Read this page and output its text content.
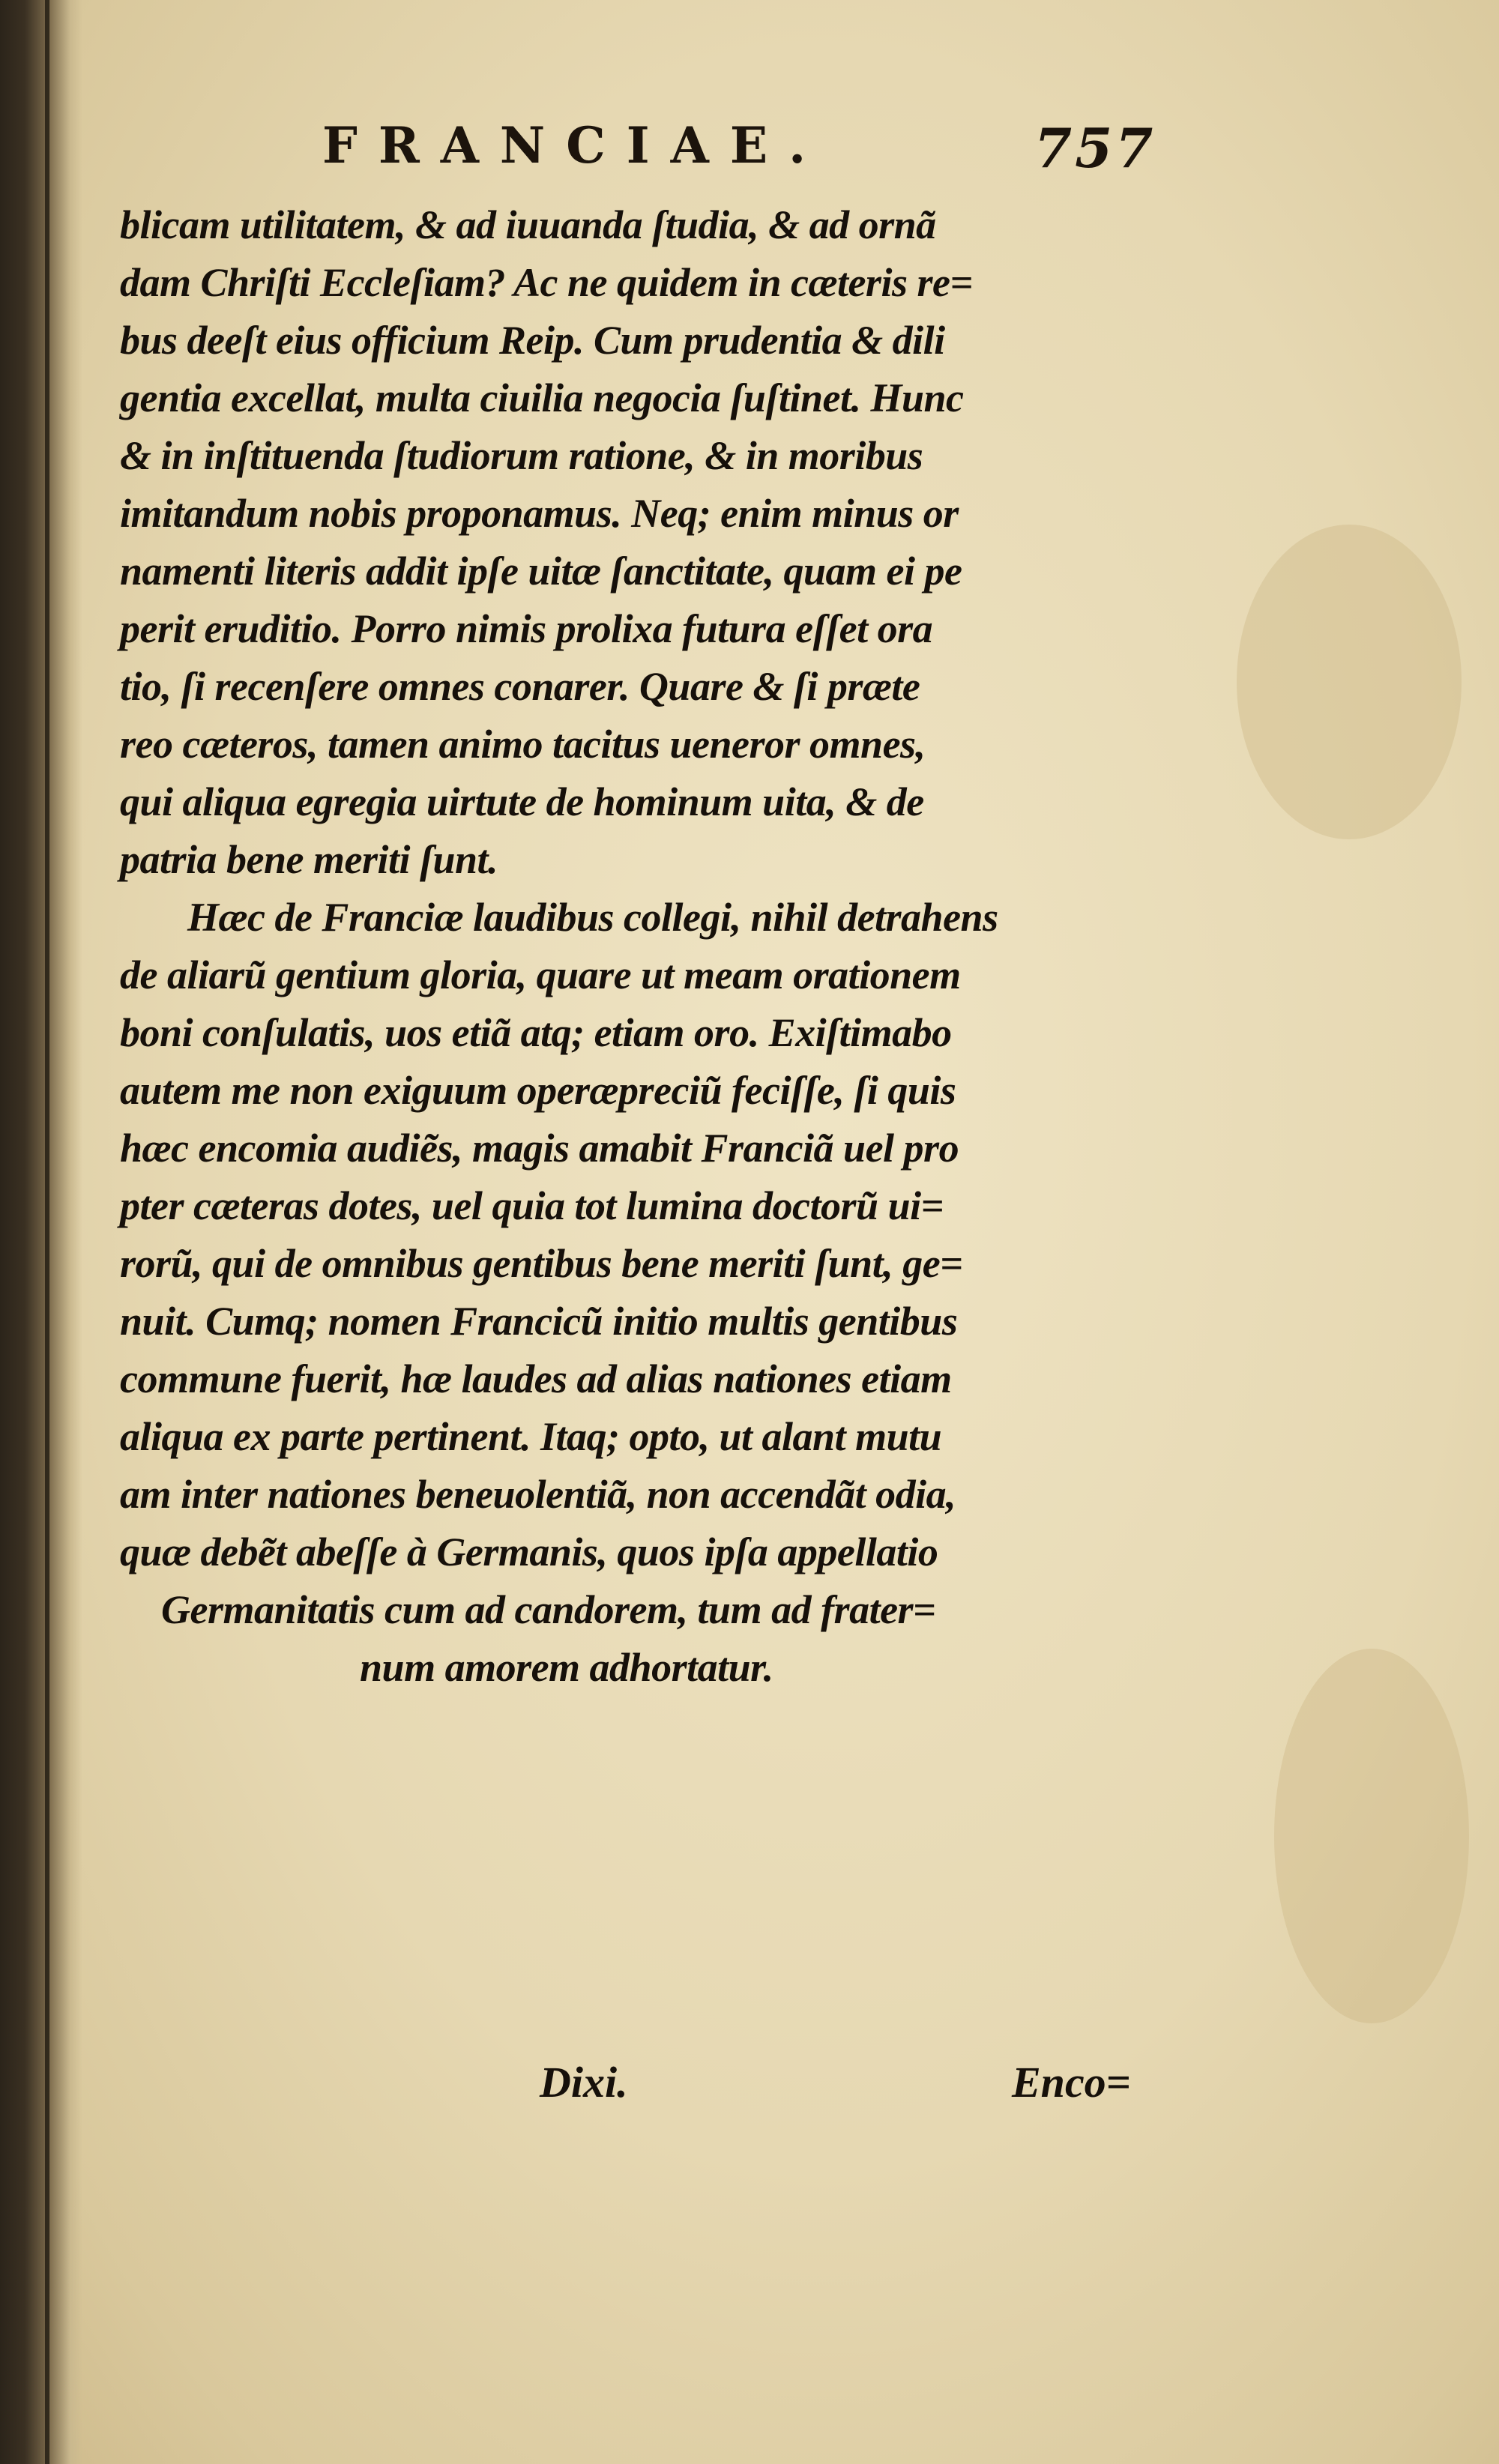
FRANCIAE.	757
blicam utilitatem, & ad iuuanda ſtudia, & ad ornã
dam Chriſti Eccleſiam? Ac ne quidem in cæteris re=
bus deeſt eius officium Reip. Cum prudentia & dili
gentia excellat, multa ciuilia negocia ſuſtinet. Hunc
& in inſtituenda ſtudiorum ratione, & in moribus
imitandum nobis proponamus. Neq; enim minus or
namenti literis addit ipſe uitæ ſanctitate, quam ei pe
perit eruditio. Porro nimis prolixa futura eſſet ora
tio, ſi recenſere omnes conarer. Quare & ſi præte
reo cæteros, tamen animo tacitus ueneror omnes,
qui aliqua egregia uirtute de hominum uita, & de
patria bene meriti ſunt.
Hæc de Franciæ laudibus collegi, nihil detrahens
de aliarũ gentium gloria, quare ut meam orationem
boni conſulatis, uos etiã atq; etiam oro. Exiſtimabo
autem me non exiguum operæpreciũ feciſſe, ſi quis
hæc encomia audiẽs, magis amabit Franciã uel pro
pter cæteras dotes, uel quia tot lumina doctorũ ui=
rorũ, qui de omnibus gentibus bene meriti ſunt, ge=
nuit. Cumq; nomen Francicũ initio multis gentibus
commune fuerit, hæ laudes ad alias nationes etiam
aliqua ex parte pertinent. Itaq; opto, ut alant mutu
am inter nationes beneuolentiã, non accendãt odia,
quæ debẽt abeſſe à Germanis, quos ipſa appellatio
Germanitatis cum ad candorem, tum ad frater=
num amorem adhortatur.
Dixi.	Enco=
